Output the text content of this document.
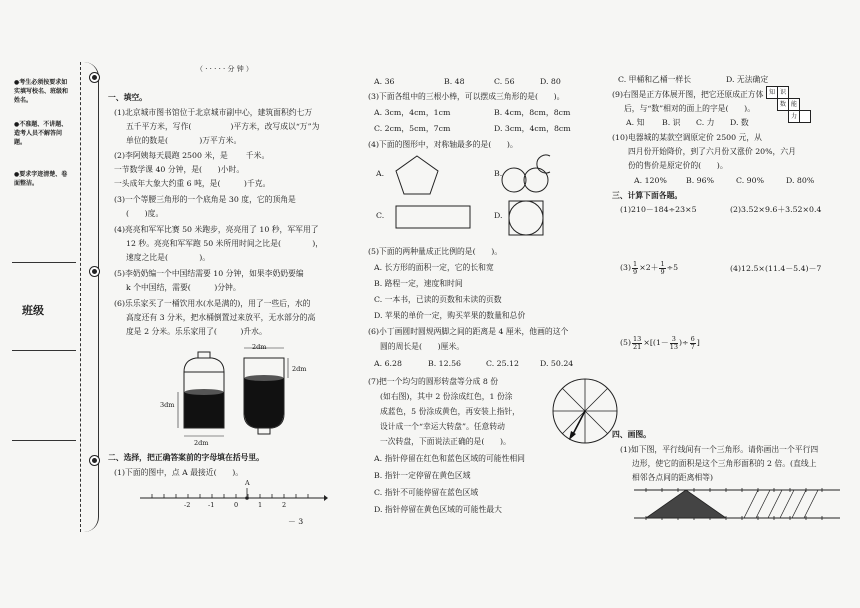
●考生必须按要求如实填写校名、班级和姓名。
●不准题、不讲题、造考人员不解答问题。
●要求字迹清楚、卷面整洁。
班级
（ · · · · · 分 钟 ）
一、填空。
(1)北京城市图书馆位于北京城市副中心，建筑面积约七万
五千平方米，写作(　　　　　)平方米，改写成以“万”为
单位的数是(　　　　)万平方米。
(2)李阿姨每天晨跑 2500 米，是 　　千米。
一节数学课 40 分钟，是(　　)小时。
一头成年大象大约重 6 吨，是(　　　)千克。
(3)一个等腰三角形的一个底角是 30 度，它的顶角是
(　　)度。
(4)亮亮和军军比赛 50 米跑步，亮亮用了 10 秒，军军用了
12 秒。亮亮和军军跑 50 米所用时间之比是(　　　　)，
速度之比是(　　　　)。
(5)李奶奶编一个中国结需要 10 分钟，如果李奶奶要编
k 个中国结，需要(　　　)分钟。
(6)乐乐家买了一桶饮用水(水是满的)，用了一些后，水的
高度还有 3 分米，把水桶倒置过来放平，无水部分的高
度是 2 分米。乐乐家用了(　　　)升水。
2dm
2dm
3dm
2dm
二、选择，把正确答案前的字母填在括号里。
(1)下面的图中，点 A 最接近(　　)。
A
-2	-1	0	1	2
－ 3
A. 36	B. 48	C. 56	D. 80
(3)下面各组中的三根小棒，可以摆成三角形的是(　　)。
A. 3cm，4cm，1cm	B. 4cm，8cm，8cm
C. 2cm，5cm，7cm	D. 3cm，4cm，8cm
(4)下面的图形中，对称轴最多的是(　　)。
A.	B.
C.	D.
(5)下面的两种量成正比例的是(　　)。
A. 长方形的面积一定，它的长和宽
B. 路程一定，速度和时间
C. 一本书，已读的页数和未读的页数
D. 苹果的单价一定，购买苹果的数量和总价
(6)小丁画圆时圆规两脚之间的距离是 4 厘米，他画的这个
圆的周长是(　　)厘米。
A. 6.28	B. 12.56	C. 25.12	D. 50.24
(7)把一个均匀的圆形转盘等分成 8 份
(如右图)，其中 2 份涂成红色，1 份涂
成蓝色，5 份涂成黄色，再安装上指针，
设计成一个“幸运大转盘”。任意转动
一次转盘，下面说法正确的是(　　)。
A. 指针停留在红色和蓝色区域的可能性相同
B. 指针一定停留在黄色区域
C. 指针不可能停留在蓝色区域
D. 指针停留在黄色区域的可能性最大
C. 甲桶和乙桶一样长	D. 无法确定
(9)右图是正方体展开图，把它还原成正方体
后，与“数”相对的面上的字是(　　)。
A. 知 B. 识 C. 力 D. 数
知 识
数 能
力
(10)电器城的某款空调原定价 2500 元，从
四月份开始降价，到了六月份又涨价 20%，六月
份的售价是原定价的(　　)。
A. 120% B. 96%	C. 90%	D. 80%
三、计算下面各题。
(1)210－184÷23×5	(2)3.52×9.6＋3.52×0.4
$(3) \frac{1}{9} \times 2+ \frac{1}{9} \div 5$	(4)12.5×(11.4－5.4)－7
$(5) \frac{13}{21} \times[(1- \frac{3}{13}$ )÷ $\frac{6}{7}$ ]
四、画图。
(1)如下图，平行线间有一个三角形。请你画出一个平行四
边形，使它的面积是这个三角形面积的 2 倍。(直线上
相邻各点间的距离相等)
